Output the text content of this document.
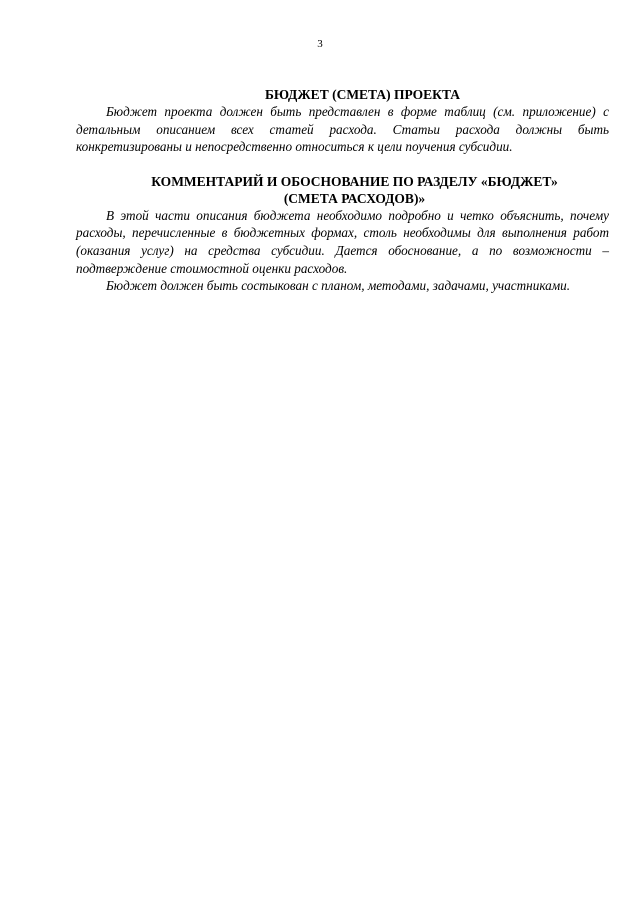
3
БЮДЖЕТ (СМЕТА) ПРОЕКТА

Бюджет проекта должен быть представлен в форме таблиц (см. приложение) с детальным описанием всех статей расхода. Статьи расхода должны быть конкретизированы и непосредственно относиться к цели поучения субсидии.

КОММЕНТАРИЙ И ОБОСНОВАНИЕ ПО РАЗДЕЛУ «БЮДЖЕТ»
(СМЕТА РАСХОДОВ)»

В этой части описания бюджета необходимо подробно и четко объяснить, почему расходы, перечисленные в бюджетных формах, столь необходимы для выполнения работ (оказания услуг) на средства субсидии. Дается обоснование, а по возможности – подтверждение стоимостной оценки расходов.

Бюджет должен быть состыкован с планом, методами, задачами, участниками.
